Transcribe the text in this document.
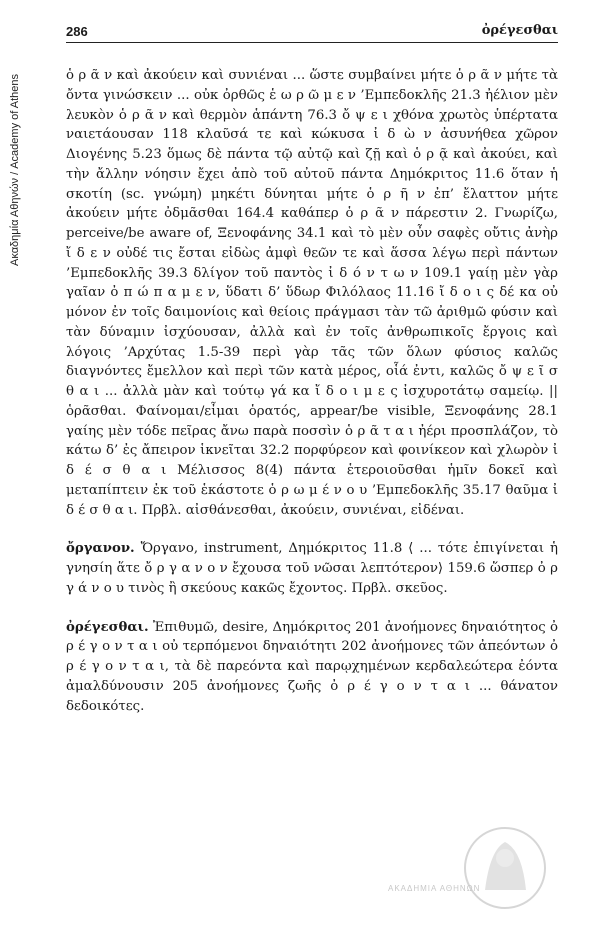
Ακαδημία Αθηνών / Academy of Athens
286	ὀρέγεσθαι

ὁ ρ ᾶ ν καὶ ἀκούειν καὶ συνιέναι ... ὥστε συμβαίνει μήτε ὁ ρ ᾶ ν μήτε τὰ ὄντα γινώσκειν ... οὐκ ὀρθῶς ἑ ω ρ ῶ μ ε ν ’Εμπεδοκλῆς 21.3 ἠέλιον μὲν λευκὸν ὁ ρ ᾶ ν καὶ θερμὸν ἁπάντη 76.3 ὄ ψ ε ι χθόνα χρωτὸς ὑπέρτατα ναιετάουσαν 118 κλαῦσά τε καὶ κώκυσα ἰ δ ὼ ν ἀσυνήθεα χῶρον Διογένης 5.23 ὅμως δὲ πάντα τῷ αὐτῷ καὶ ζῇ καὶ ὁ ρ ᾷ καὶ ἀκούει, καὶ τὴν ἄλλην νόησιν ἔχει ἀπὸ τοῦ αὐτοῦ πάντα Δημόκριτος 11.6 ὅταν ἡ σκοτίη (sc. γνώμη) μηκέτι δύνηται μήτε ὁ ρ ῆ ν ἐπ’ ἔλαττον μήτε ἀκούειν μήτε ὀδμᾶσθαι 164.4 καθάπερ ὁ ρ ᾶ ν πάρεστιν 2. Γνωρίζω, perceive/be aware of, Ξενοφάνης 34.1 καὶ τὸ μὲν οὖν σαφὲς οὔτις ἀνὴρ ἴ δ ε ν οὐδέ τις ἔσται εἰδὼς ἀμφὶ θεῶν τε καὶ ἅσσα λέγω περὶ πάντων ’Εμπεδοκλῆς 39.3 δλίγον τοῦ παντὸς ἰ δ ό ν τ ω ν 109.1 γαίῃ μὲν γὰρ γαῖαν ὀ π ώ π α μ ε ν, ὕδατι δ’ ὕδωρ Φιλόλαος 11.16 ἴ δ ο ι ς δέ κα οὐ μόνον ἐν τοῖς δαιμονίοις καὶ θείοις πράγμασι τὰν τῶ ἀριθμῶ φύσιν καὶ τὰν δύναμιν ἰσχύουσαν, ἀλλὰ καὶ ἐν τοῖς ἀνθρωπικοῖς ἔργοις καὶ λόγοις ’Αρχύτας 1.5-39 περὶ γὰρ τᾶς τῶν ὅλων φύσιος καλῶς διαγνόντες ἔμελλον καὶ περὶ τῶν κατὰ μέρος, οἷά ἐντι, καλῶς ὄ ψ ε ῖ σ θ α ι ... ἀλλὰ μὰν καὶ τούτῳ γά κα ἴ δ ο ι μ ε ς ἰσχυροτάτῳ σαμείῳ. || ὁρᾶσθαι. Φαίνομαι/εἶμαι ὁρατός, appear/be visible, Ξενοφάνης 28.1 γαίης μὲν τόδε πεῖρας ἄνω παρὰ ποσσὶν ὁ ρ ᾶ τ α ι ἠέρι προσπλάζον, τὸ κάτω δ’ ἐς ἄπειρον ἱκνεῖται 32.2 πορφύρεον καὶ φοινίκεον καὶ χλωρὸν ἰ δ έ σ θ α ι Μέλισσος 8(4) πάντα ἑτεροιοῦσθαι ἡμῖν δοκεῖ καὶ μεταπίπτειν ἐκ τοῦ ἑκάστοτε ὁ ρ ω μ έ ν ο υ ’Εμπεδοκλῆς 35.17 θαῦμα ἰ δ έ σ θ α ι. Πρβλ. αἰσθάνεσθαι, ἀκούειν, συνιέναι, εἰδέναι.

ὄργανον. Ὄργανο, instrument, Δημόκριτος 11.8 ⟨ ... τότε ἐπιγίνεται ἡ γνησίη ἅτε ὄ ρ γ α ν ο ν ἔχουσα τοῦ νῶσαι λεπτότερον⟩ 159.6 ὥσπερ ὀ ρ γ ά ν ο υ τινὸς ἢ σκεύους κακῶς ἔχοντος. Πρβλ. σκεῦος.

ὀρέγεσθαι. Ἐπιθυμῶ, desire, Δημόκριτος 201 ἀνοήμονες δηναιότητος ὀ ρ έ γ ο ν τ α ι οὐ τερπόμενοι δηναιότητι 202 ἀνοήμονες τῶν ἀπεόντων ὀ ρ έ γ ο ν τ α ι, τὰ δὲ παρεόντα καὶ παρῳχημένων κερδαλεώτερα ἐόντα ἀμαλδύνουσιν 205 ἀνοήμονες ζωῆς ὀ ρ έ γ ο ν τ α ι ... θάνατον δεδοικότες.

ΑΚΑΔΗΜΙΑ ΑΘΗΝΩΝ
